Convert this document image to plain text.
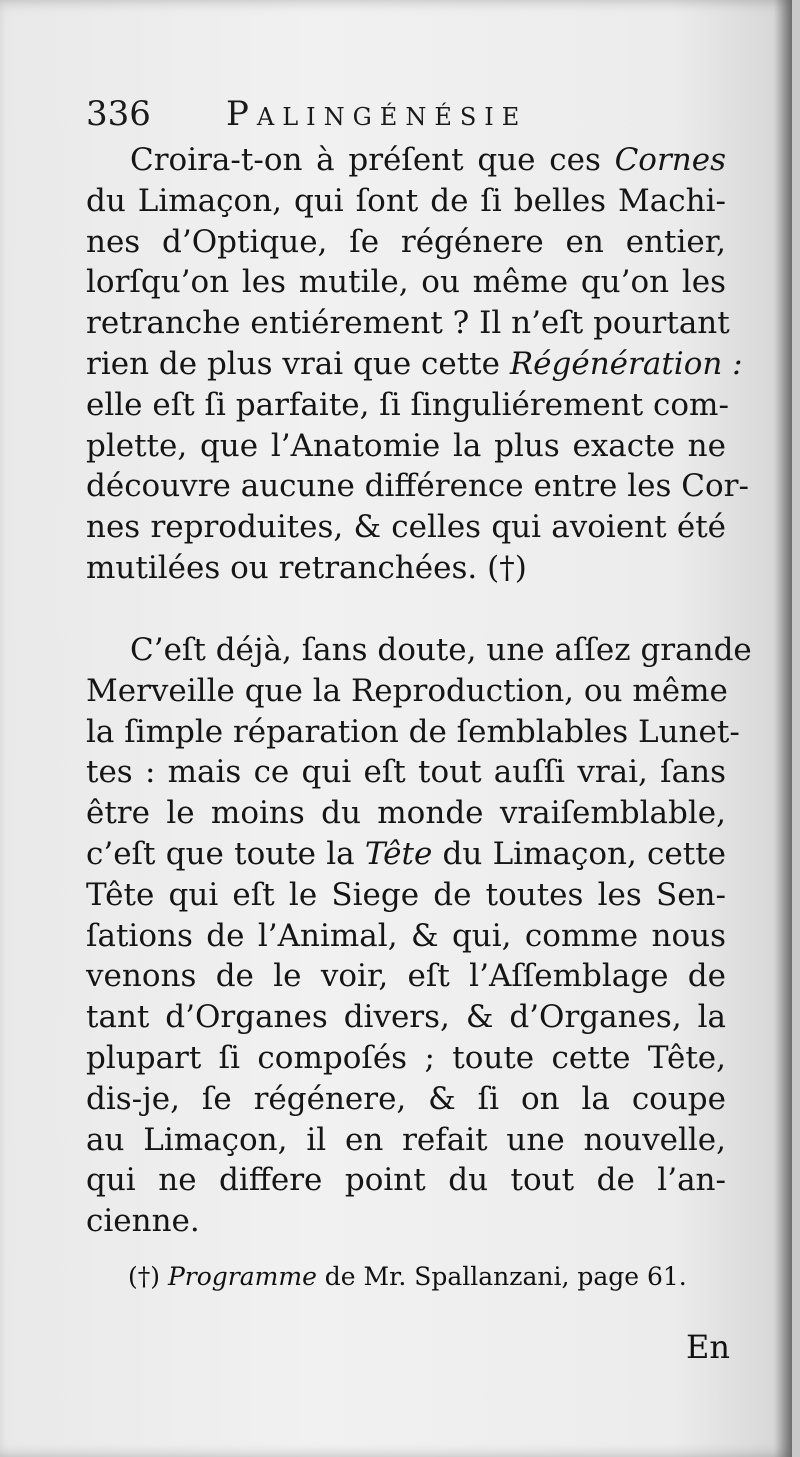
336 Palingénésie
Croira-t-on à préſent que ces Cornes
du Limaçon, qui ſont de ſi belles Machi-
nes d’Optique, ſe régénere en entier,
lorſqu’on les mutile, ou même qu’on les
retranche entiérement ? Il n’eſt pourtant
rien de plus vrai que cette Régénération :
elle eſt ſi parfaite, ſi ſinguliérement com-
plette, que l’Anatomie la plus exacte ne
découvre aucune différence entre les Cor-
nes reproduites, & celles qui avoient été
mutilées ou retranchées. (†)
C’eſt déjà, ſans doute, une aſſez grande
Merveille que la Reproduction, ou même
la ſimple réparation de ſemblables Lunet-
tes : mais ce qui eſt tout auſſi vrai, ſans
être le moins du monde vraiſemblable,
c’eſt que toute la Tête du Limaçon, cette
Tête qui eſt le Siege de toutes les Sen-
ſations de l’Animal, & qui, comme nous
venons de le voir, eſt l’Aſſemblage de
tant d’Organes divers, & d’Organes, la
plupart ſi compoſés ; toute cette Tête,
dis-je, ſe régénere, & ſi on la coupe
au Limaçon, il en refait une nouvelle,
qui ne differe point du tout de l’an-
cienne.
(†) Programme de Mr. Spallanzani, page 61.
En
